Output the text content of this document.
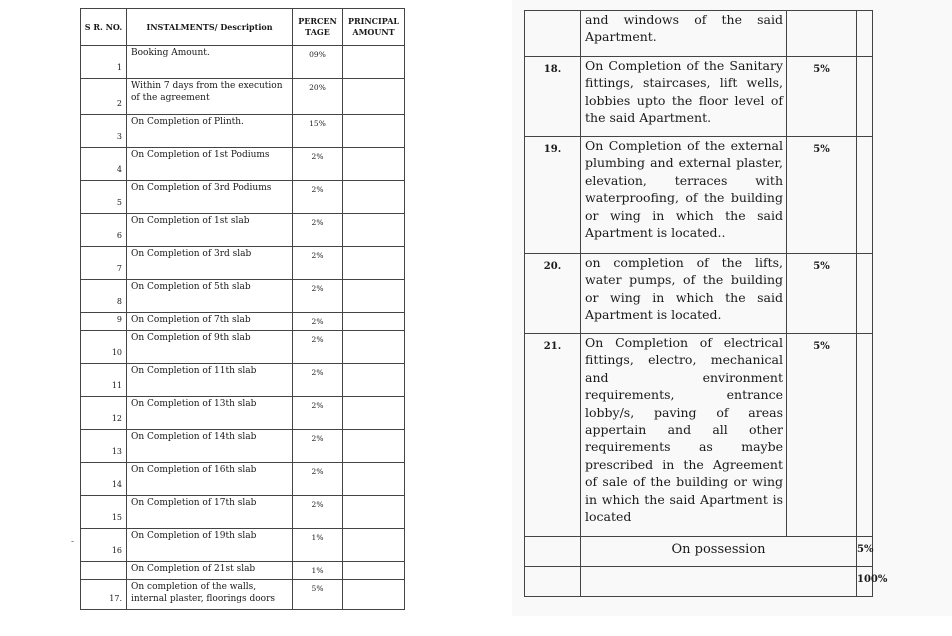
S R. NO.	INSTALMENTS/ Description	PERCEN TAGE	PRINCIPAL AMOUNT
1	Booking Amount.	09%	
2	Within 7 days from the execution of the agreement	20%	
3	On Completion of Plinth.	15%	
4	On Completion of 1st Podiums	2%	
5	On Completion of 3rd Podiums	2%	
6	On Completion of 1st slab	2%	
7	On Completion of 3rd slab	2%	
8	On Completion of 5th slab	2%	
9	On Completion of 7th slab	2%	
10	On Completion of 9th slab	2%	
11	On Completion of 11th slab	2%	
12	On Completion of 13th slab	2%	
13	On Completion of 14th slab	2%	
14	On Completion of 16th slab	2%	
15	On Completion of 17th slab	2%	
16	On Completion of 19th slab	1%	
	On Completion of 21st slab	1%	
17.	On completion of the walls, internal plaster, floorings doors	5%	
-
	and windows of the said Apartment.		
18.	On Completion of the Sanitary fittings, staircases, lift wells, lobbies upto the floor level of the said Apartment.	5%	
19.	On Completion of the external plumbing and external plaster, elevation, terraces with waterproofing, of the building or wing in which the said Apartment is located..	5%	
20.	on completion of the lifts, water pumps, of the building or wing in which the said Apartment is located.	5%	
21.	On Completion of electrical fittings, electro, mechanical and environment requirements, entrance lobby/s, paving of areas appertain and all other requirements as maybe prescribed in the Agreement of sale of the building or wing in which the said Apartment is located	5%	
	On possession		5%
			100%
